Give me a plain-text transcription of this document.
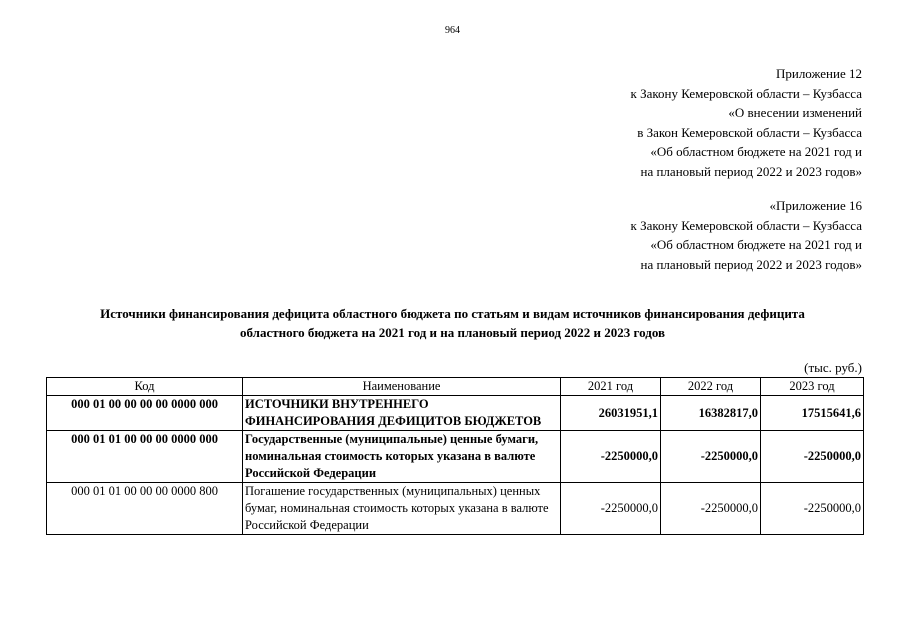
964
Приложение 12
к Закону Кемеровской области – Кузбасса
«О внесении изменений
в Закон Кемеровской области – Кузбасса
«Об областном бюджете на 2021 год и
на плановый период 2022 и 2023 годов»
«Приложение 16
к Закону Кемеровской области – Кузбасса
«Об областном бюджете на 2021 год и
на плановый период 2022 и 2023 годов»
Источники финансирования дефицита областного бюджета по статьям и видам источников финансирования дефицита
областного бюджета на 2021 год и на плановый период 2022 и 2023 годов
(тыс. руб.)
Код	Наименование	2021 год	2022 год	2023 год
000 01 00 00 00 00 0000 000	ИСТОЧНИКИ ВНУТРЕННЕГО ФИНАНСИРОВАНИЯ ДЕФИЦИТОВ БЮДЖЕТОВ	26031951,1	16382817,0	17515641,6
000 01 01 00 00 00 0000 000	Государственные (муниципальные) ценные бумаги, номинальная стоимость которых указана в валюте Российской Федерации	-2250000,0	-2250000,0	-2250000,0
000 01 01 00 00 00 0000 800	Погашение государственных (муниципальных) ценных бумаг, номинальная стоимость которых указана в валюте Российской Федерации	-2250000,0	-2250000,0	-2250000,0
